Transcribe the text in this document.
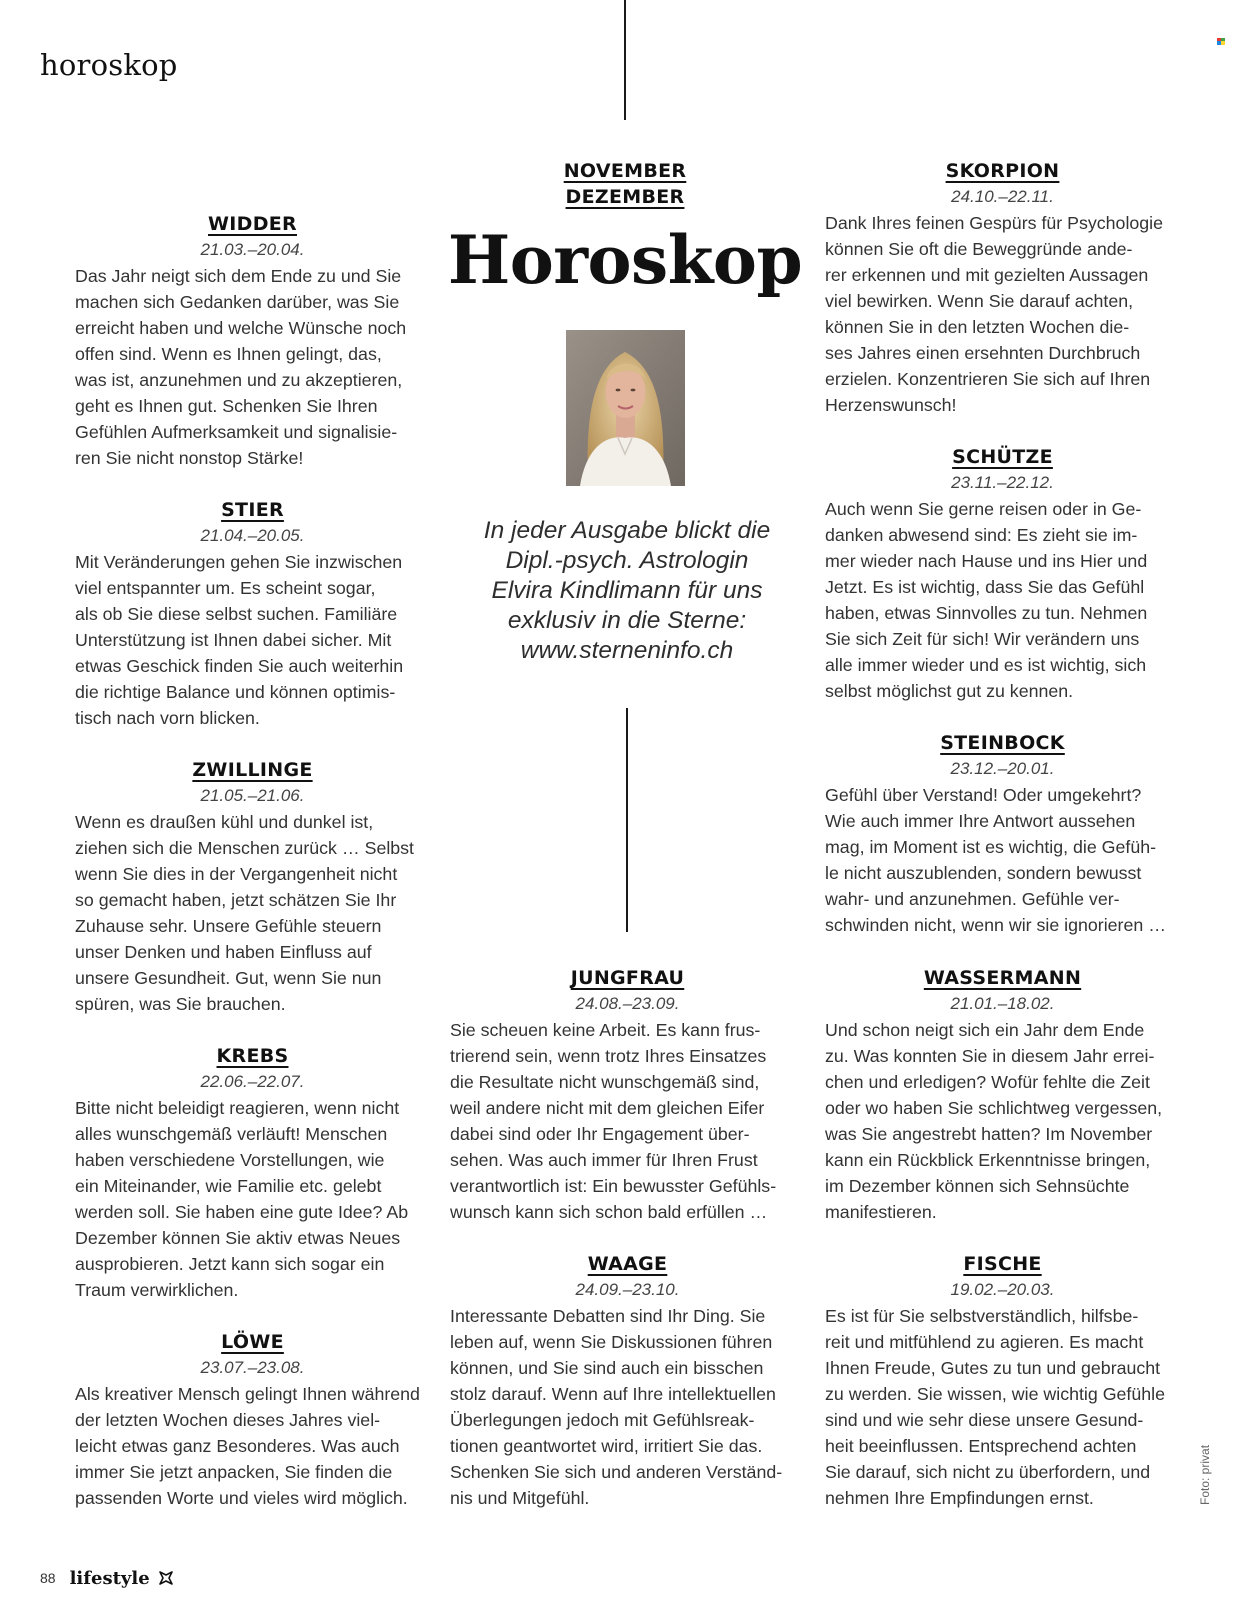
horoskop
WIDDER
21.03.–20.04.
Das Jahr neigt sich dem Ende zu und Sie
machen sich Gedanken darüber, was Sie
erreicht haben und welche Wünsche noch
offen sind. Wenn es Ihnen gelingt, das,
was ist, anzunehmen und zu akzeptieren,
geht es Ihnen gut. Schenken Sie Ihren
Gefühlen Aufmerksamkeit und signalisie-
ren Sie nicht nonstop Stärke!
STIER
21.04.–20.05.
Mit Veränderungen gehen Sie inzwischen
viel entspannter um. Es scheint sogar,
als ob Sie diese selbst suchen. Familiäre
Unterstützung ist Ihnen dabei sicher. Mit
etwas Geschick finden Sie auch weiterhin
die richtige Balance und können optimis-
tisch nach vorn blicken.
ZWILLINGE
21.05.–21.06.
Wenn es draußen kühl und dunkel ist,
ziehen sich die Menschen zurück … Selbst
wenn Sie dies in der Vergangenheit nicht
so gemacht haben, jetzt schätzen Sie Ihr
Zuhause sehr. Unsere Gefühle steuern
unser Denken und haben Einfluss auf
unsere Gesundheit. Gut, wenn Sie nun
spüren, was Sie brauchen.
KREBS
22.06.–22.07.
Bitte nicht beleidigt reagieren, wenn nicht
alles wunschgemäß verläuft! Menschen
haben verschiedene Vorstellungen, wie
ein Miteinander, wie Familie etc. gelebt
werden soll. Sie haben eine gute Idee? Ab
Dezember können Sie aktiv etwas Neues
ausprobieren. Jetzt kann sich sogar ein
Traum verwirklichen.
LÖWE
23.07.–23.08.
Als kreativer Mensch gelingt Ihnen während
der letzten Wochen dieses Jahres viel-
leicht etwas ganz Besonderes. Was auch
immer Sie jetzt anpacken, Sie finden die
passenden Worte und vieles wird möglich.
NOVEMBER
DEZEMBER
Horoskop
In jeder Ausgabe blickt die
Dipl.-psych. Astrologin
Elvira Kindlimann für uns
exklusiv in die Sterne:
www.sterneninfo.ch
JUNGFRAU
24.08.–23.09.
Sie scheuen keine Arbeit. Es kann frus-
trierend sein, wenn trotz Ihres Einsatzes
die Resultate nicht wunschgemäß sind,
weil andere nicht mit dem gleichen Eifer
dabei sind oder Ihr Engagement über-
sehen. Was auch immer für Ihren Frust
verantwortlich ist: Ein bewusster Gefühls-
wunsch kann sich schon bald erfüllen …
WAAGE
24.09.–23.10.
Interessante Debatten sind Ihr Ding. Sie
leben auf, wenn Sie Diskussionen führen
können, und Sie sind auch ein bisschen
stolz darauf. Wenn auf Ihre intellektuellen
Überlegungen jedoch mit Gefühlsreak-
tionen geantwortet wird, irritiert Sie das.
Schenken Sie sich und anderen Verständ-
nis und Mitgefühl.
SKORPION
24.10.–22.11.
Dank Ihres feinen Gespürs für Psychologie
können Sie oft die Beweggründe ande-
rer erkennen und mit gezielten Aussagen
viel bewirken. Wenn Sie darauf achten,
können Sie in den letzten Wochen die-
ses Jahres einen ersehnten Durchbruch
erzielen. Konzentrieren Sie sich auf Ihren
Herzenswunsch!
SCHÜTZE
23.11.–22.12.
Auch wenn Sie gerne reisen oder in Ge-
danken abwesend sind: Es zieht sie im-
mer wieder nach Hause und ins Hier und
Jetzt. Es ist wichtig, dass Sie das Gefühl
haben, etwas Sinnvolles zu tun. Nehmen
Sie sich Zeit für sich! Wir verändern uns
alle immer wieder und es ist wichtig, sich
selbst möglichst gut zu kennen.
STEINBOCK
23.12.–20.01.
Gefühl über Verstand! Oder umgekehrt?
Wie auch immer Ihre Antwort aussehen
mag, im Moment ist es wichtig, die Gefüh-
le nicht auszublenden, sondern bewusst
wahr- und anzunehmen. Gefühle ver-
schwinden nicht, wenn wir sie ignorieren …
WASSERMANN
21.01.–18.02.
Und schon neigt sich ein Jahr dem Ende
zu. Was konnten Sie in diesem Jahr errei-
chen und erledigen? Wofür fehlte die Zeit
oder wo haben Sie schlichtweg vergessen,
was Sie angestrebt hatten? Im November
kann ein Rückblick Erkenntnisse bringen,
im Dezember können sich Sehnsüchte
manifestieren.
FISCHE
19.02.–20.03.
Es ist für Sie selbstverständlich, hilfsbe-
reit und mitfühlend zu agieren. Es macht
Ihnen Freude, Gutes zu tun und gebraucht
zu werden. Sie wissen, wie wichtig Gefühle
sind und wie sehr diese unsere Gesund-
heit beeinflussen. Entsprechend achten
Sie darauf, sich nicht zu überfordern, und
nehmen Ihre Empfindungen ernst.	Foto: privat
88 lifestyle
